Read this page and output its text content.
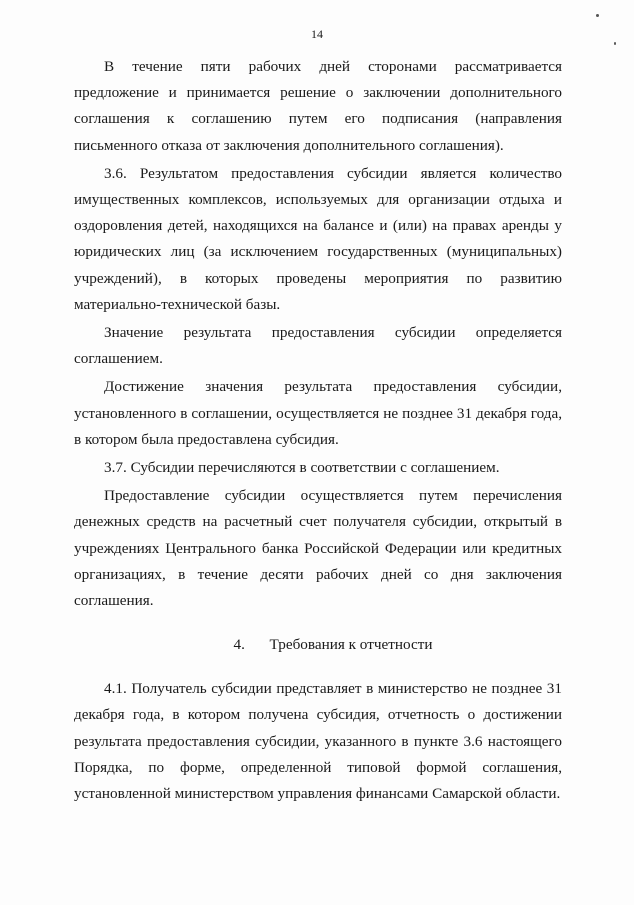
14

В течение пяти рабочих дней сторонами рассматривается предложение и принимается решение о заключении дополнительного соглашения к соглашению путем его подписания (направления письменного отказа от заключения дополнительного соглашения).

3.6. Результатом предоставления субсидии является количество имущественных комплексов, используемых для организации отдыха и оздоровления детей, находящихся на балансе и (или) на правах аренды у юридических лиц (за исключением государственных (муниципальных) учреждений), в которых проведены мероприятия по развитию материально-технической базы.

Значение результата предоставления субсидии определяется соглашением.

Достижение значения результата предоставления субсидии, установленного в соглашении, осуществляется не позднее 31 декабря года, в котором была предоставлена субсидия.

3.7. Субсидии перечисляются в соответствии с соглашением.

Предоставление субсидии осуществляется путем перечисления денежных средств на расчетный счет получателя субсидии, открытый в учреждениях Центрального банка Российской Федерации или кредитных организациях, в течение десяти рабочих дней со дня заключения соглашения.

4. Требования к отчетности

4.1. Получатель субсидии представляет в министерство не позднее 31 декабря года, в котором получена субсидия, отчетность о достижении результата предоставления субсидии, указанного в пункте 3.6 настоящего Порядка, по форме, определенной типовой формой соглашения, установленной министерством управления финансами Самарской области.
